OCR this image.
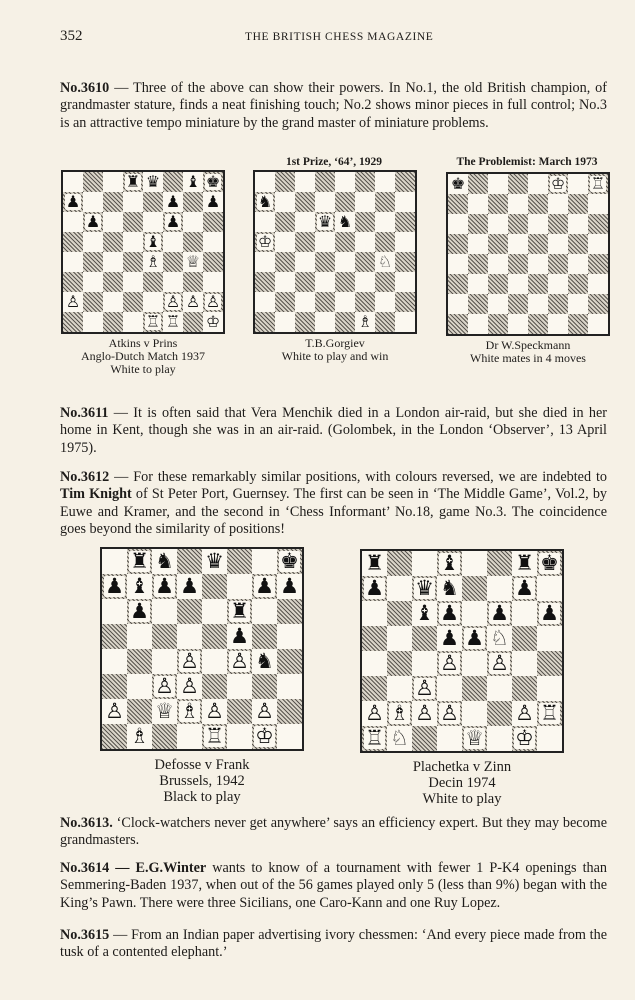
352	THE BRITISH CHESS MAGAZINE

No.3610 — Three of the above can show their powers. In No.1, the old British champion, of grandmaster stature, finds a neat finishing touch; No.2 shows minor pieces in full control; No.3 is an attractive tempo miniature by the grand master of miniature problems.

1st Prize, ‘64’, 1929	The Problemist: March 1973
♜ ♛ ♝ ♚
♟	♟ ♟
♟	♟
♝
♗ ♕
♙	♙ ♙ ♙
♖ ♖ ♔
♞
♛ ♞
♔
♘
♗
♚	♔ ♖
Atkins v Prins
Anglo-Dutch Match 1937
White to play
T.B.Gorgiev
White to play and win
Dr W.Speckmann
White mates in 4 moves

No.3611 — It is often said that Vera Menchik died in a London air-raid, but she died in her home in Kent, though she was in an air-raid. (Golombek, in the London ‘Observer’, 13 April 1975).

No.3612 — For these remarkably similar positions, with colours reversed, we are indebted to Tim Knight of St Peter Port, Guernsey. The first can be seen in ‘The Middle Game’, Vol.2, by Euwe and Kramer, and the second in ‘Chess Informant’ No.18, game No.3. The coincidence goes beyond the similarity of positions!

♜ ♞ ♛	♚
♟ ♝ ♟ ♟	♟ ♟
♟	♜
♟
♙ ♙ ♞
♙ ♙
♙ ♕ ♗ ♙ ♙
♗	♖ ♔
♜	♝	♜ ♚
♟ ♛ ♞	♟
♝ ♟ ♟ ♟
♟ ♟ ♘
♙ ♙
♙
♙ ♗ ♙ ♙	♙ ♖
♖ ♘	♕ ♔
Defosse v Frank
Brussels, 1942
Black to play
Plachetka v Zinn
Decin 1974
White to play

No.3613. ‘Clock-watchers never get anywhere’ says an efficiency expert. But they may become grandmasters.

No.3614 — E.G.Winter wants to know of a tournament with fewer 1 P-K4 openings than Semmering-Baden 1937, when out of the 56 games played only 5 (less than 9%) began with the King’s Pawn. There were three Sicilians, one Caro-Kann and one Ruy Lopez.

No.3615 — From an Indian paper advertising ivory chessmen: ‘And every piece made from the tusk of a contented elephant.’
